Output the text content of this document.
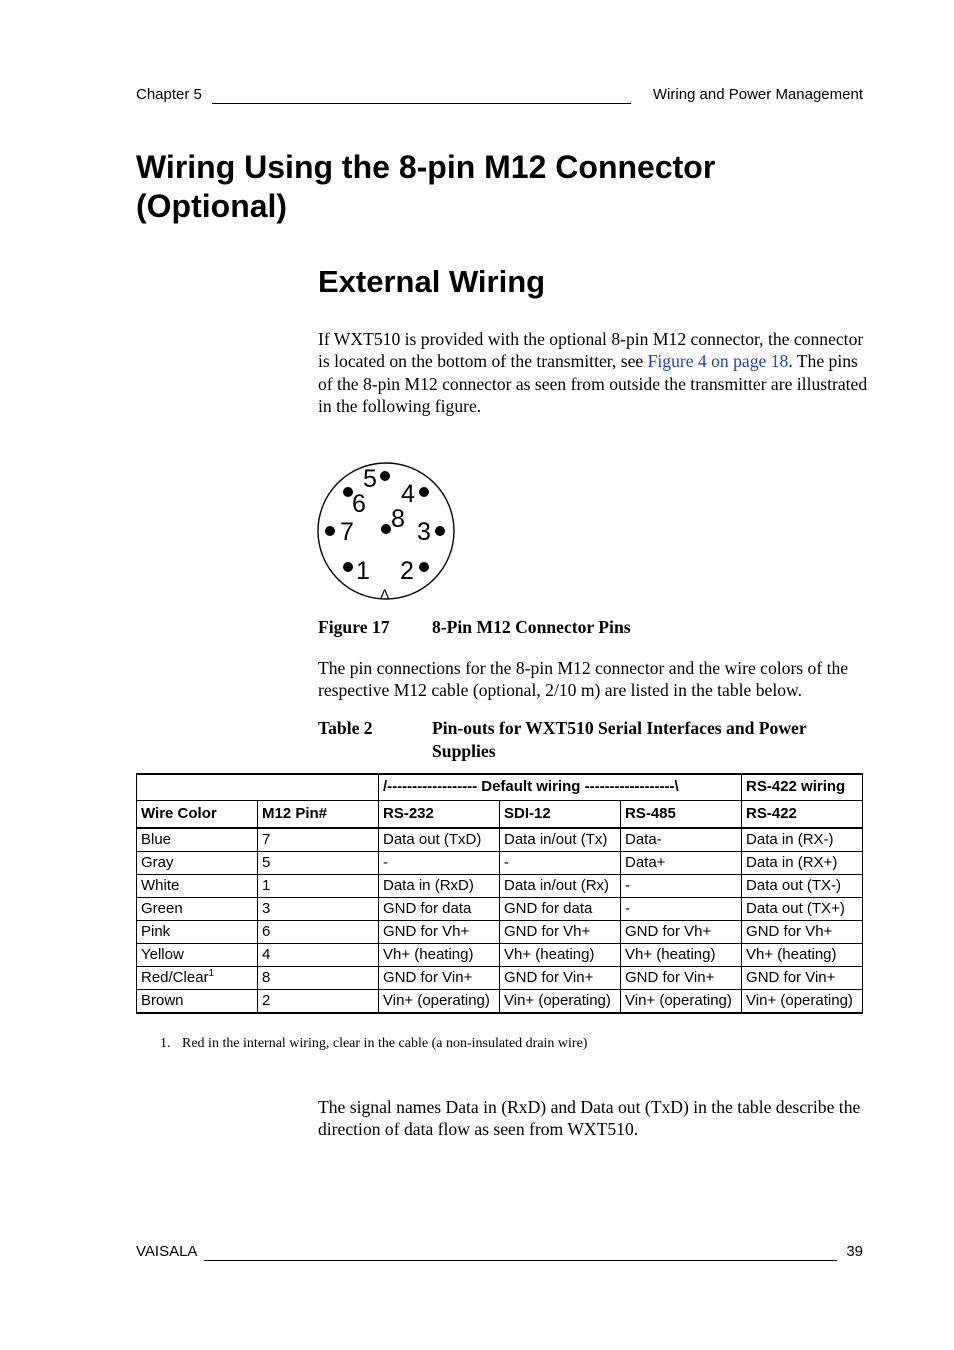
Chapter 5	Wiring and Power Management
Wiring Using the 8-pin M12 Connector (Optional)
External Wiring

If WXT510 is provided with the optional 8-pin M12 connector, the connector is located on the bottom of the transmitter, see Figure 4 on page 18. The pins of the 8-pin M12 connector as seen from outside the transmitter are illustrated in the following figure.

5
6 4
8
7	3
1 2
Λ
Figure 17 8-Pin M12 Connector Pins

The pin connections for the 8-pin M12 connector and the wire colors of the respective M12 cable (optional, 2/10 m) are listed in the table below.

Table 2	Pin-outs for WXT510 Serial Interfaces and Power Supplies
		/------------------ Default wiring ------------------\			RS-422 wiring
Wire Color	M12 Pin#	RS-232	SDI-12	RS-485	RS-422
Blue	7	Data out (TxD)	Data in/out (Tx)	Data-	Data in (RX-)
Gray	5	-	-	Data+	Data in (RX+)
White	1	Data in (RxD)	Data in/out (Rx)	-	Data out (TX-)
Green	3	GND for data	GND for data	-	Data out (TX+)
Pink	6	GND for Vh+	GND for Vh+	GND for Vh+	GND for Vh+
Yellow	4	Vh+ (heating)	Vh+ (heating)	Vh+ (heating)	Vh+ (heating)
Red/Clear$^1$	8	GND for Vin+	GND for Vin+	GND for Vin+	GND for Vin+
Brown	2	Vin+ (operating)	Vin+ (operating)	Vin+ (operating)	Vin+ (operating)
1. Red in the internal wiring, clear in the cable (a non-insulated drain wire)

The signal names Data in (RxD) and Data out (TxD) in the table describe the direction of data flow as seen from WXT510.

VAISALA	39
